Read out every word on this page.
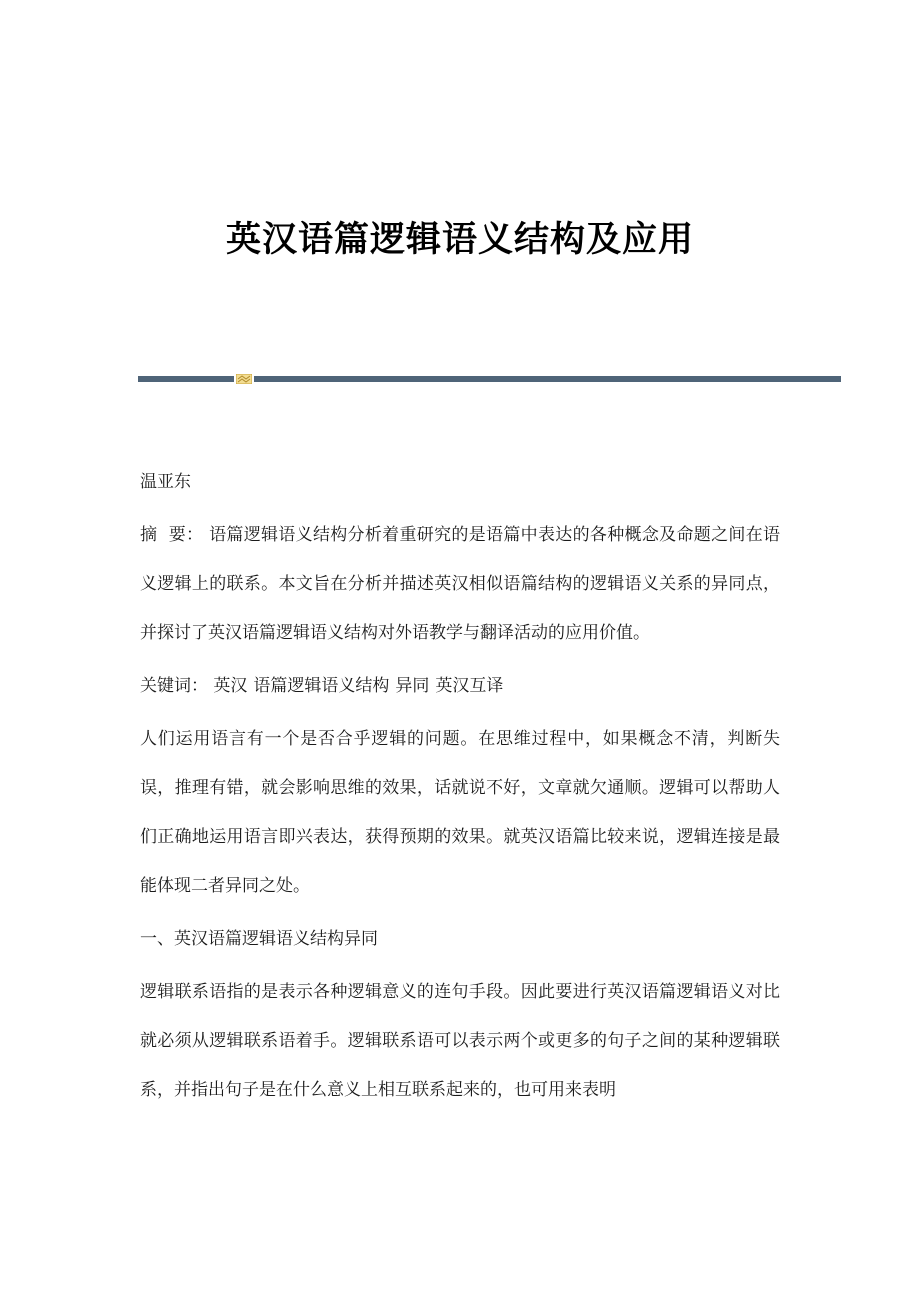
英汉语篇逻辑语义结构及应用

温亚东

摘  要： 语篇逻辑语义结构分析着重研究的是语篇中表达的各种概念及命题之间在语义逻辑上的联系。本文旨在分析并描述英汉相似语篇结构的逻辑语义关系的异同点，并探讨了英汉语篇逻辑语义结构对外语教学与翻译活动的应用价值。

关键词： 英汉 语篇逻辑语义结构 异同 英汉互译

人们运用语言有一个是否合乎逻辑的问题。在思维过程中，如果概念不清，判断失误，推理有错，就会影响思维的效果，话就说不好，文章就欠通顺。逻辑可以帮助人们正确地运用语言即兴表达，获得预期的效果。就英汉语篇比较来说，逻辑连接是最能体现二者异同之处。

一、英汉语篇逻辑语义结构异同

逻辑联系语指的是表示各种逻辑意义的连句手段。因此要进行英汉语篇逻辑语义对比就必须从逻辑联系语着手。逻辑联系语可以表示两个或更多的句子之间的某种逻辑联系，并指出句子是在什么意义上相互联系起来的，也可用来表明
